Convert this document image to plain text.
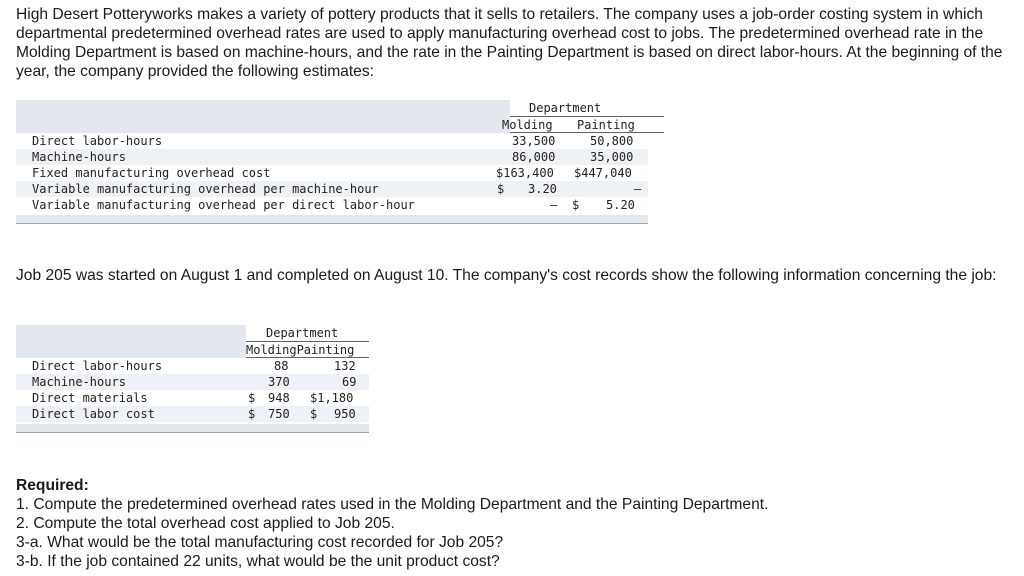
High Desert Potteryworks makes a variety of pottery products that it sells to retailers. The company uses a job-order costing system in which departmental predetermined overhead rates are used to apply manufacturing overhead cost to jobs. The predetermined overhead rate in the Molding Department is based on machine-hours, and the rate in the Painting Department is based on direct labor-hours. At the beginning of the year, the company provided the following estimates:

Department
Molding Painting
Direct labor-hours	33,500	50,800
Machine-hours	86,000	35,000
Fixed manufacturing overhead cost	$163,400 $447,040
Variable manufacturing overhead per machine-hour	$ 3.20	–
Variable manufacturing overhead per direct labor-hour	– $ 5.20

Job 205 was started on August 1 and completed on August 10. The company's cost records show the following information concerning the job:

Department
MoldingPainting
Direct labor-hours	88	132
Machine-hours	370	69
Direct materials	$ 948 $1,180
Direct labor cost	$ 750 $ 950
Required:
1. Compute the predetermined overhead rates used in the Molding Department and the Painting Department.
2. Compute the total overhead cost applied to Job 205.
3-a. What would be the total manufacturing cost recorded for Job 205?
3-b. If the job contained 22 units, what would be the unit product cost?
